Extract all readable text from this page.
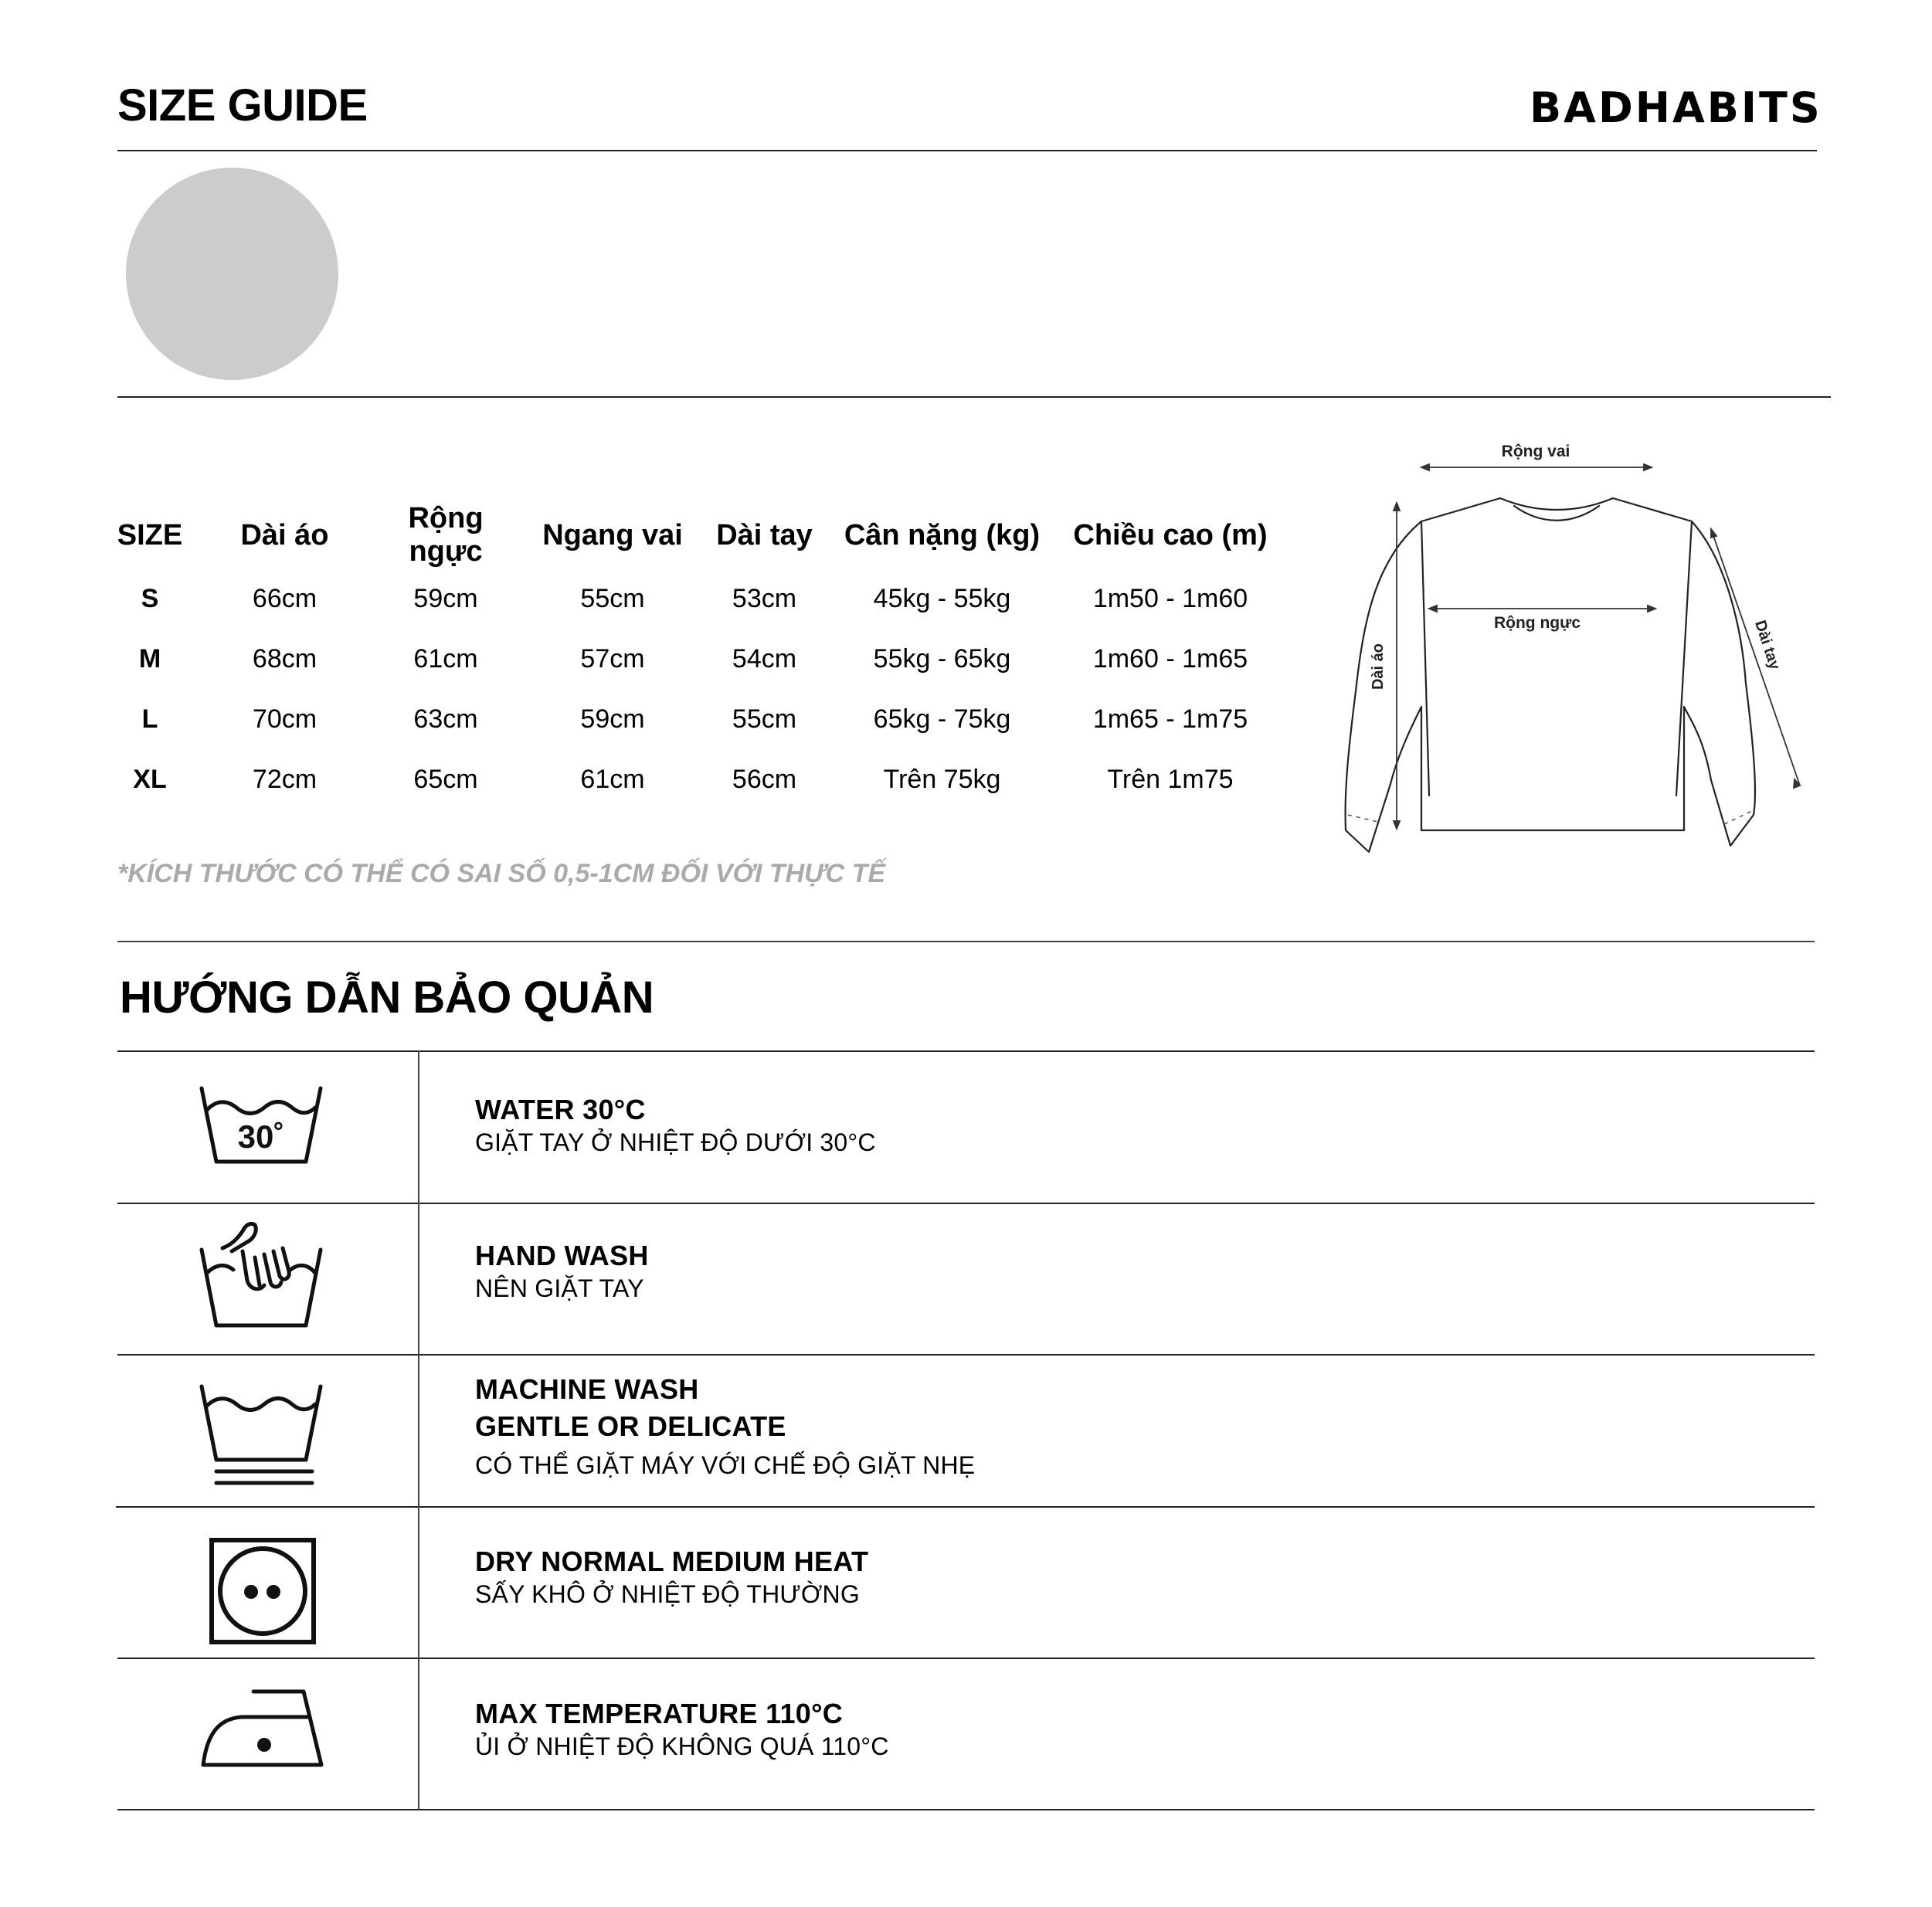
SIZE GUIDE	BADHABITS
SIZE	Dài áo	Rộng ngực	Ngang vai	Dài tay	Cân nặng (kg)	Chiều cao (m)
S	66cm	59cm	55cm	53cm	45kg - 55kg	1m50 - 1m60
M	68cm	61cm	57cm	54cm	55kg - 65kg	1m60 - 1m65
L	70cm	63cm	59cm	55cm	65kg - 75kg	1m65 - 1m75
XL	72cm	65cm	61cm	56cm	Trên 75kg	Trên 1m75
Rộng vai
Rộng ngực
Dài áo	Dài tay
*KÍCH THƯỚC CÓ THỂ CÓ SAI SỐ 0,5-1CM ĐỐI VỚI THỰC TẾ
HƯỚNG DẪN BẢO QUẢN
30˚
WATER 30°C
GIẶT TAY Ở NHIỆT ĐỘ DƯỚI 30°C
HAND WASH
NÊN GIẶT TAY
MACHINE WASH
GENTLE OR DELICATE
CÓ THỂ GIẶT MÁY VỚI CHẾ ĐỘ GIẶT NHẸ
DRY NORMAL MEDIUM HEAT
SẤY KHÔ Ở NHIỆT ĐỘ THƯỜNG
MAX TEMPERATURE 110°C
ỦI Ở NHIỆT ĐỘ KHÔNG QUÁ 110°C
